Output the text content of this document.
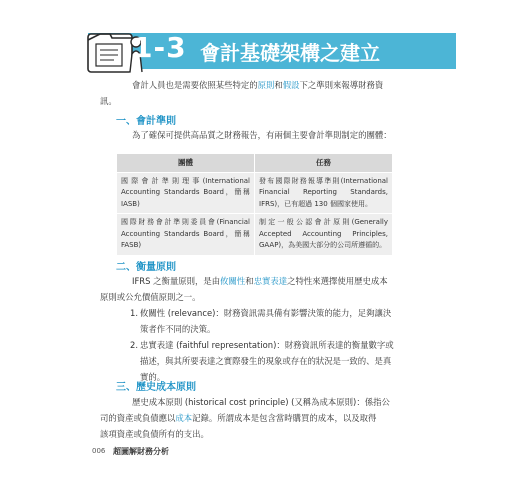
1-3 會計基礎架構之建立
會計人員也是需要依照某些特定的原則和假設下之準則來報導財務資
訊。
一、會計準則
為了確保可提供高品質之財務報告，有兩個主要會計準則制定的團體：
團體	任務
國際會計準則理事(International Accounting Standards Board，簡稱 IASB)	發布國際財務報導準則(International Financial Reporting Standards, IFRS)，已有超過 130 個國家使用。
國際財務會計準則委員會(Financial Accounting Standards Board，簡稱 FASB)	制定一般公認會計原則(Generally Accepted Accounting Principles, GAAP)，為美國大部分的公司所遵循的。
二、衡量原則
IFRS 之衡量原則，是由攸關性和忠實表達之特性來選擇使用歷史成本
原則或公允價值原則之一。
1. 攸關性 (relevance)：財務資訊需具備有影響決策的能力，足夠讓決
策者作不同的決策。
2. 忠實表達 (faithful representation)：財務資訊所表達的衡量數字或
描述，與其所要表達之實際發生的現象或存在的狀況是一致的、是真
實的。
三、歷史成本原則
歷史成本原則 (historical cost principle) (又稱為成本原則)：係指公
司的資產或負債應以成本記錄。所謂成本是包含當時購買的成本，以及取得
該項資產或負債所有的支出。
006 超圖解財務分析
